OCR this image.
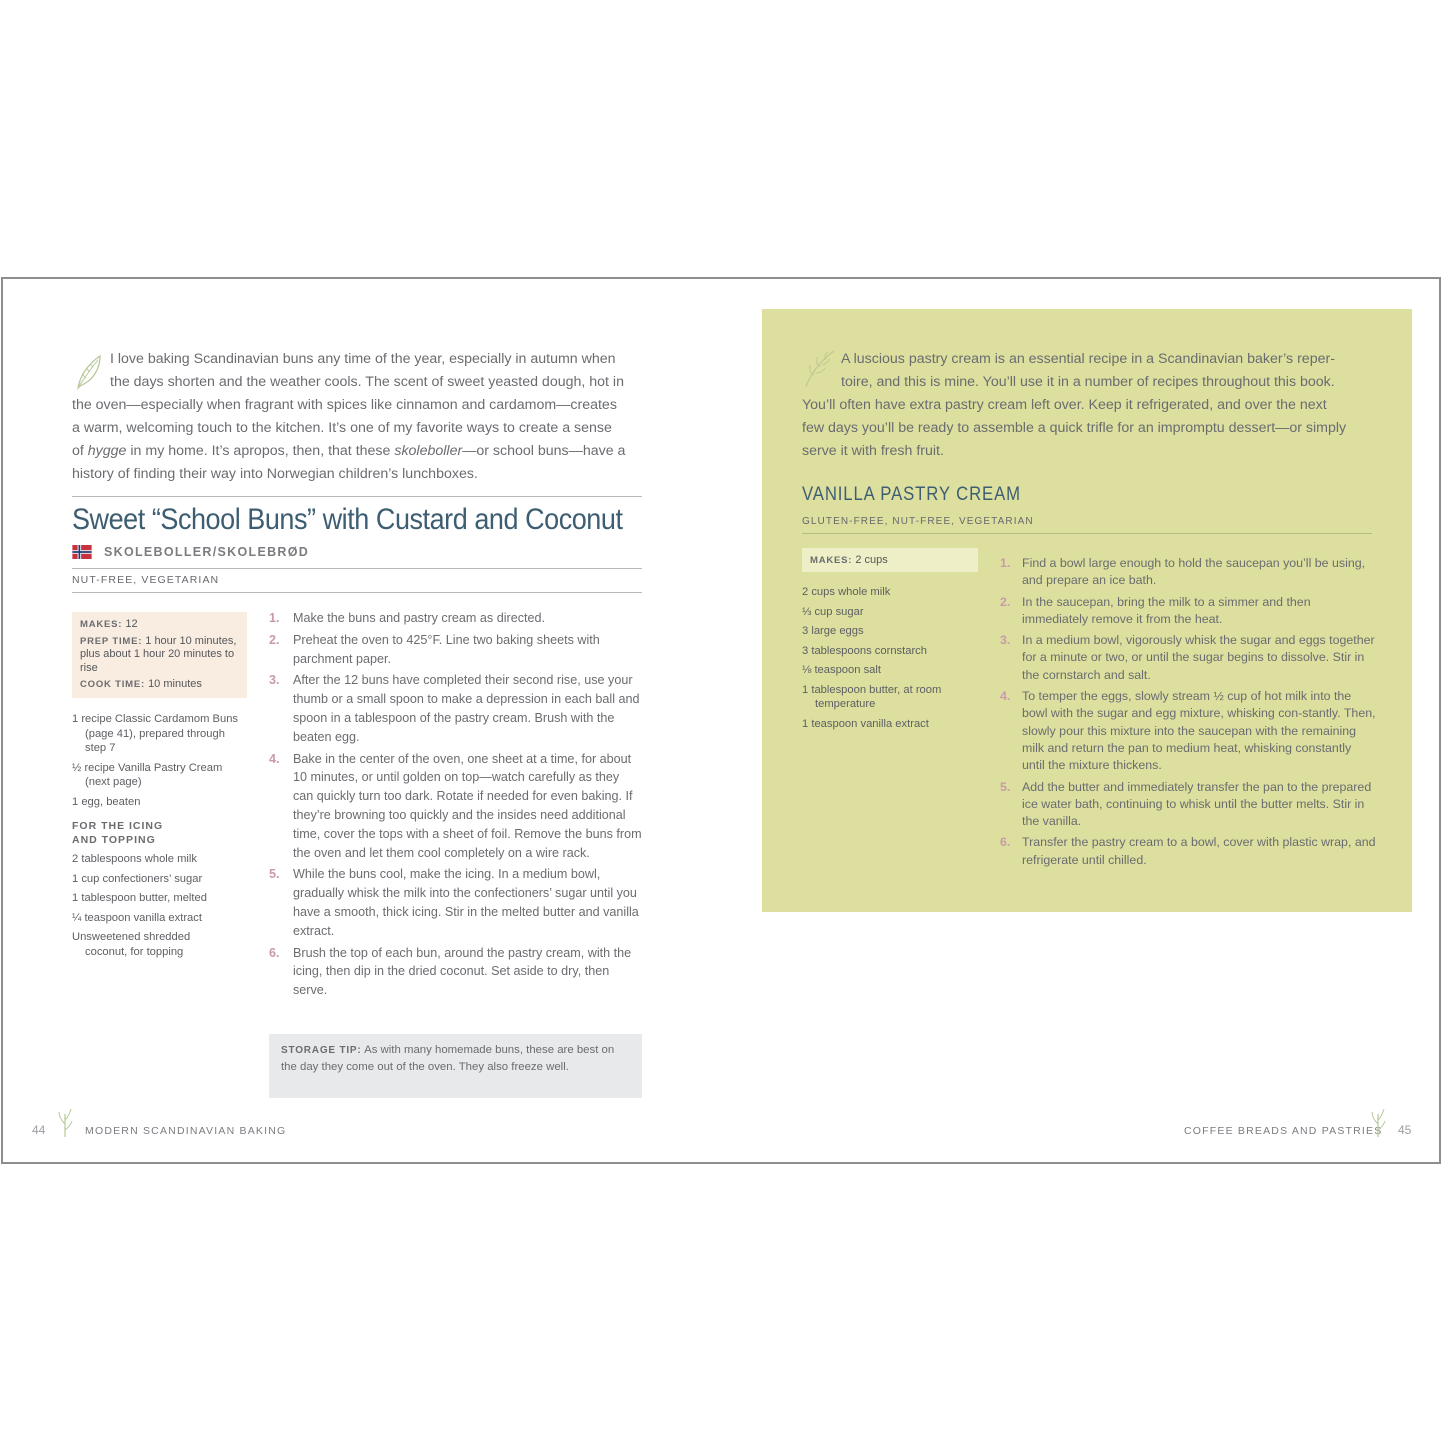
I love baking Scandinavian buns any time of the year, especially in autumn when

the days shorten and the weather cools. The scent of sweet yeasted dough, hot in

the oven—especially when fragrant with spices like cinnamon and cardamom—creates

a warm, welcoming touch to the kitchen. It’s one of my favorite ways to create a sense

of hygge in my home. It’s apropos, then, that these skoleboller—or school buns—have a

history of finding their way into Norwegian children’s lunchboxes.

Sweet “School Buns” with Custard and Coconut
SKOLEBOLLER/SKOLEBRØD
NUT-FREE, VEGETARIAN
MAKES: 12
PREP TIME: 1 hour 10 minutes, plus about 1 hour 20 minutes to rise
COOK TIME: 10 minutes
1 recipe Classic Cardamom Buns (page 41), prepared through step 7
½ recipe Vanilla Pastry Cream (next page)
1 egg, beaten
FOR THE ICING AND TOPPING
2 tablespoons whole milk
1 cup confectioners’ sugar
1 tablespoon butter, melted
¼ teaspoon vanilla extract
Unsweetened shredded coconut, for topping
1. Make the buns and pastry cream as directed.
2. Preheat the oven to 425°F. Line two baking sheets with parchment paper.
3. After the 12 buns have completed their second rise, use your thumb or a small spoon to make a depression in each ball and spoon in a tablespoon of the pastry cream. Brush with the beaten egg.
4. Bake in the center of the oven, one sheet at a time, for about 10 minutes, or until golden on top—watch carefully as they can quickly turn too dark. Rotate if needed for even baking. If they’re browning too quickly and the insides need additional time, cover the tops with a sheet of foil. Remove the buns from the oven and let them cool completely on a wire rack.
5. While the buns cool, make the icing. In a medium bowl, gradually whisk the milk into the confectioners’ sugar until you have a smooth, thick icing. Stir in the melted butter and vanilla extract.
6. Brush the top of each bun, around the pastry cream, with the icing, then dip in the dried coconut. Set aside to dry, then serve.
STORAGE TIP: As with many homemade buns, these are best on the day they come out of the oven. They also freeze well.
44	MODERN SCANDINAVIAN BAKING

A luscious pastry cream is an essential recipe in a Scandinavian baker’s reper-

toire, and this is mine. You’ll use it in a number of recipes throughout this book.

You’ll often have extra pastry cream left over. Keep it refrigerated, and over the next

few days you’ll be ready to assemble a quick trifle for an impromptu dessert—or simply

serve it with fresh fruit.

VANILLA PASTRY CREAM
GLUTEN-FREE, NUT-FREE, VEGETARIAN
MAKES: 2 cups
2 cups whole milk
⅓ cup sugar
3 large eggs
3 tablespoons cornstarch
⅛ teaspoon salt
1 tablespoon butter, at room temperature
1 teaspoon vanilla extract
1. Find a bowl large enough to hold the saucepan you’ll be using, and prepare an ice bath.
2. In the saucepan, bring the milk to a simmer and then immediately remove it from the heat.
3. In a medium bowl, vigorously whisk the sugar and eggs together for a minute or two, or until the sugar begins to dissolve. Stir in the cornstarch and salt.
4. To temper the eggs, slowly stream ½ cup of hot milk into the bowl with the sugar and egg mixture, whisking con-stantly. Then, slowly pour this mixture into the saucepan with the remaining milk and return the pan to medium heat, whisking constantly until the mixture thickens.
5. Add the butter and immediately transfer the pan to the prepared ice water bath, continuing to whisk until the butter melts. Stir in the vanilla.
6. Transfer the pastry cream to a bowl, cover with plastic wrap, and refrigerate until chilled.
COFFEE BREADS AND PASTRIES 45
